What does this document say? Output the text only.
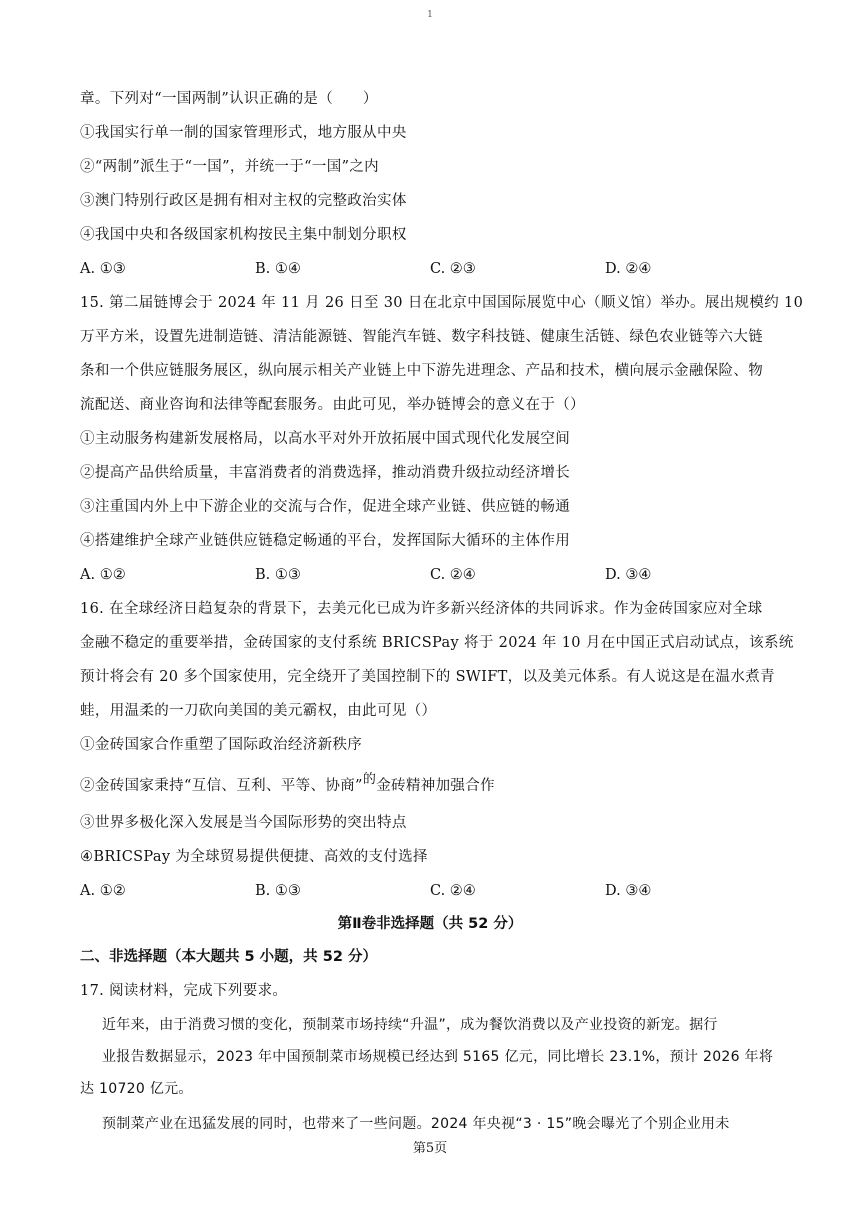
1
章。下列对“一国两制”认识正确的是（　　）
①我国实行单一制的国家管理形式，地方服从中央
②“两制”派生于“一国”，并统一于“一国”之内
③澳门特别行政区是拥有相对主权的完整政治实体
④我国中央和各级国家机构按民主集中制划分职权
A. ①③	B. ①④	C. ②③	D. ②④
15. 第二届链博会于 2024 年 11 月 26 日至 30 日在北京中国国际展览中心（顺义馆）举办。展出规模约 10
万平方米，设置先进制造链、清洁能源链、智能汽车链、数字科技链、健康生活链、绿色农业链等六大链
条和一个供应链服务展区，纵向展示相关产业链上中下游先进理念、产品和技术，横向展示金融保险、物
流配送、商业咨询和法律等配套服务。由此可见，举办链博会的意义在于（）
①主动服务构建新发展格局，以高水平对外开放拓展中国式现代化发展空间
②提高产品供给质量，丰富消费者的消费选择，推动消费升级拉动经济增长
③注重国内外上中下游企业的交流与合作，促进全球产业链、供应链的畅通
④搭建维护全球产业链供应链稳定畅通的平台，发挥国际大循环的主体作用
A. ①②	B. ①③	C. ②④	D. ③④
16. 在全球经济日趋复杂的背景下，去美元化已成为许多新兴经济体的共同诉求。作为金砖国家应对全球
金融不稳定的重要举措，金砖国家的支付系统 BRICSPay 将于 2024 年 10 月在中国正式启动试点，该系统
预计将会有 20 多个国家使用，完全绕开了美国控制下的 SWIFT，以及美元体系。有人说这是在温水煮青
蛙，用温柔的一刀砍向美国的美元霸权，由此可见（）
①金砖国家合作重塑了国际政治经济新秩序
②金砖国家秉持“互信、互利、平等、协商”的金砖精神加强合作
③世界多极化深入发展是当今国际形势的突出特点
④BRICSPay 为全球贸易提供便捷、高效的支付选择
A. ①②	B. ①③	C. ②④	D. ③④
第Ⅱ卷非选择题（共 52 分）
二、非选择题（本大题共 5 小题，共 52 分）
17. 阅读材料，完成下列要求。
近年来，由于消费习惯的变化，预制菜市场持续“升温”，成为餐饮消费以及产业投资的新宠。据行
业报告数据显示，2023 年中国预制菜市场规模已经达到 5165 亿元，同比增长 23.1%，预计 2026 年将
达 10720 亿元。
预制菜产业在迅猛发展的同时，也带来了一些问题。2024 年央视“3 · 15”晚会曝光了个别企业用未
第5页
